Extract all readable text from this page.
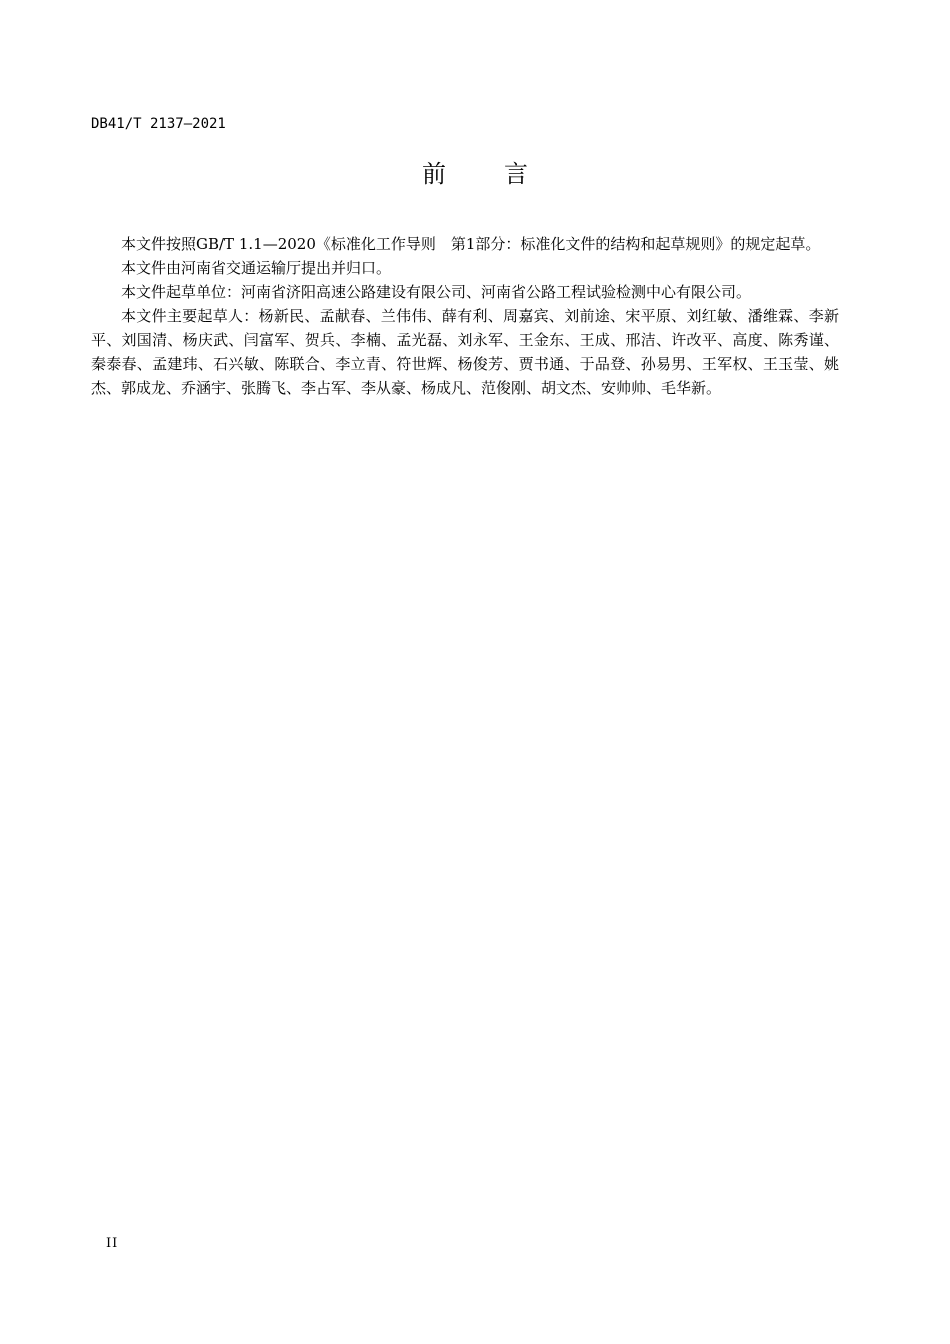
DB41/T 2137—2021
前言

本文件按照GB/T 1.1—2020《标准化工作导则　第1部分：标准化文件的结构和起草规则》的规定起草。

本文件由河南省交通运输厅提出并归口。

本文件起草单位：河南省济阳高速公路建设有限公司、河南省公路工程试验检测中心有限公司。

本文件主要起草人：杨新民、孟献春、兰伟伟、薛有利、周嘉宾、刘前途、宋平原、刘红敏、潘维霖、李新平、刘国清、杨庆武、闫富军、贺兵、李楠、孟光磊、刘永军、王金东、王成、邢洁、许改平、高度、陈秀谨、秦泰春、孟建玮、石兴敏、陈联合、李立青、符世辉、杨俊芳、贾书通、于品登、孙易男、王军权、王玉莹、姚杰、郭成龙、乔涵宇、张腾飞、李占军、李从豪、杨成凡、范俊刚、胡文杰、安帅帅、毛华新。

II
